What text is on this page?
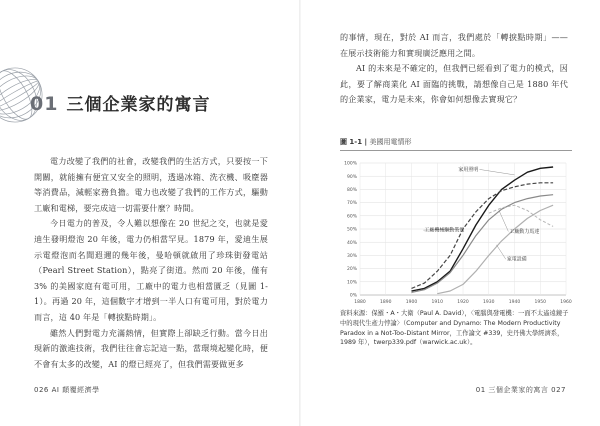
01 三個企業家的寓言

電力改變了我們的社會，改變我們的生活方式，只要按一下開關，就能擁有便宜又安全的照明，透過冰箱、洗衣機、吸塵器等消費品，減輕家務負擔。電力也改變了我們的工作方式，驅動工廠和電梯，要完成這一切需要什麼？時間。

今日電力的普及，令人難以想像在 20 世紀之交，也就是愛迪生發明燈泡 20 年後，電力仍相當罕見。1879 年，愛迪生展示電燈泡而名聞遐邇的幾年後，曼哈頓就啟用了珍珠街發電站（Pearl Street Station），點亮了街道。然而 20 年後，僅有 3% 的美國家庭有電可用，工廠中的電力也相當匱乏（見圖 1-1）。再過 20 年，這個數字才增到一半人口有電可用，對於電力而言，這 40 年是「轉捩點時期」。

雖然人們對電力充滿熱情，但實際上卻缺乏行動。當今日出現新的激進技術，我們往往會忘記這一點，當環境起變化時，便不會有太多的改變，AI 的燈已經亮了，但我們需要做更多

026 AI 顛覆經濟學

的事情，現在，對於 AI 而言，我們處於「轉捩點時期」——在展示技術能力和實現廣泛應用之間。

AI 的未來是不確定的，但我們已經看到了電力的模式，因此，要了解商業化 AI 面臨的挑戰，請想像自己是 1880 年代的企業家，電力是未來，你會如何想像去實現它？

圖 1-1 | 美國用電情形
0%
10%
20%
30%
40%
50%
60%
70%
80%
90%
100%
1880	1890	1900	1910	1920	1930	1940	1950	1960
家用照明
工廠機械驅動裝置	工廠動力馬達
家電設備
資料來源：保羅・A・大衛（Paul A. David），〈電腦與發電機：一面不太遙遠鏡子中的現代生產力悖論〉（Computer and Dynamo: The Modern Productivity Paradox in a Not-Too-Distant Mirror，工作論文 #339，史丹佛大學經濟系，1989 年），twerp339.pdf（warwick.ac.uk）。
01 三個企業家的寓言 027
